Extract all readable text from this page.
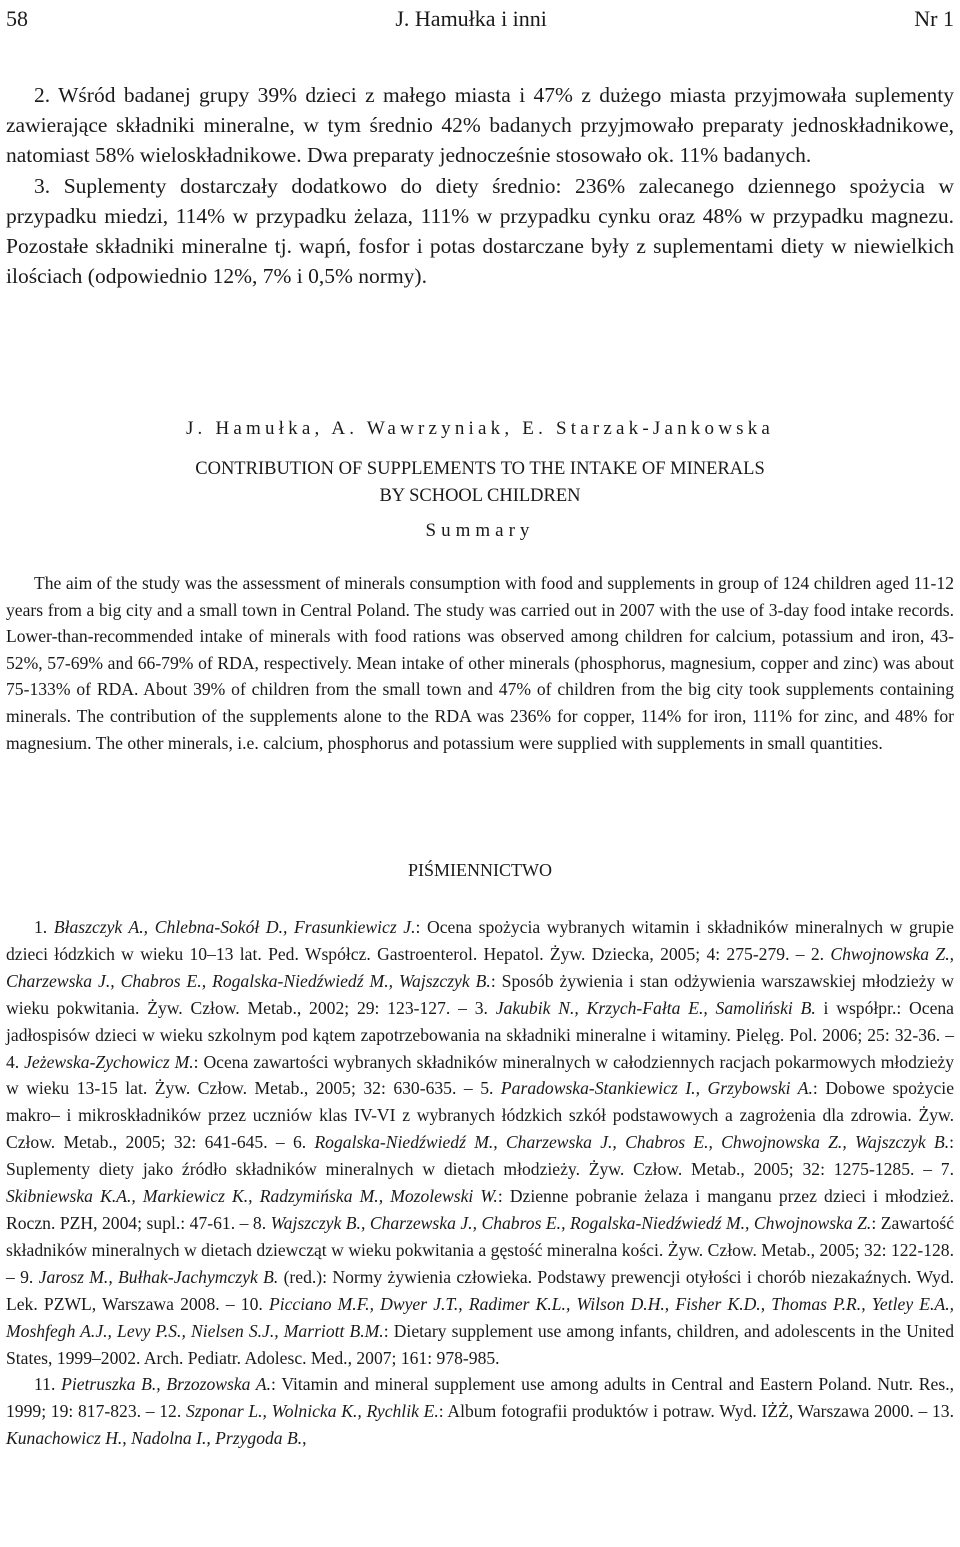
58	J. Hamułka i inni	Nr 1

2. Wśród badanej grupy 39% dzieci z małego miasta i 47% z dużego miasta przyjmowała suplementy zawierające składniki mineralne, w tym średnio 42% badanych przyjmowało preparaty jednoskładnikowe, natomiast 58% wieloskładnikowe. Dwa preparaty jednocześnie stosowało ok. 11% badanych.

3. Suplementy dostarczały dodatkowo do diety średnio: 236% zalecanego dziennego spożycia w przypadku miedzi, 114% w przypadku żelaza, 111% w przypadku cynku oraz 48% w przypadku magnezu. Pozostałe składniki mineralne tj. wapń, fosfor i potas dostarczane były z suplementami diety w niewielkich ilościach (odpowiednio 12%, 7% i 0,5% normy).

J. Hamułka, A. Wawrzyniak, E. Starzak-Jankowska
CONTRIBUTION OF SUPPLEMENTS TO THE INTAKE OF MINERALS
BY SCHOOL CHILDREN
Summary

The aim of the study was the assessment of minerals consumption with food and supplements in group of 124 children aged 11-12 years from a big city and a small town in Central Poland. The study was carried out in 2007 with the use of 3-day food intake records. Lower-than-recommended intake of minerals with food rations was observed among children for calcium, potassium and iron, 43-52%, 57-69% and 66-79% of RDA, respectively. Mean intake of other minerals (phosphorus, magnesium, copper and zinc) was about 75-133% of RDA. About 39% of children from the small town and 47% of children from the big city took supplements containing minerals. The contribution of the supplements alone to the RDA was 236% for copper, 114% for iron, 111% for zinc, and 48% for magnesium. The other minerals, i.e. calcium, phosphorus and potassium were supplied with supplements in small quantities.

PIŚMIENNICTWO

1. Błaszczyk A., Chlebna-Sokół D., Frasunkiewicz J.: Ocena spożycia wybranych witamin i składników mineralnych w grupie dzieci łódzkich w wieku 10–13 lat. Ped. Współcz. Gastroenterol. Hepatol. Żyw. Dziecka, 2005; 4: 275-279. – 2. Chwojnowska Z., Charzewska J., Chabros E., Rogalska-Niedźwiedź M., Wajszczyk B.: Sposób żywienia i stan odżywienia warszawskiej młodzieży w wieku pokwitania. Żyw. Człow. Metab., 2002; 29: 123-127. – 3. Jakubik N., Krzych-Fałta E., Samoliński B. i współpr.: Ocena jadłospisów dzieci w wieku szkolnym pod kątem zapotrzebowania na składniki mineralne i witaminy. Pielęg. Pol. 2006; 25: 32-36. – 4. Jeżewska-Zychowicz M.: Ocena zawartości wybranych składników mineralnych w całodziennych racjach pokarmowych młodzieży w wieku 13-15 lat. Żyw. Człow. Metab., 2005; 32: 630-635. – 5. Paradowska-Stankiewicz I., Grzybowski A.: Dobowe spożycie makro– i mikroskładników przez uczniów klas IV-VI z wybranych łódzkich szkół podstawowych a zagrożenia dla zdrowia. Żyw. Człow. Metab., 2005; 32: 641-645. – 6. Rogalska-Niedźwiedź M., Charzewska J., Chabros E., Chwojnowska Z., Wajszczyk B.: Suplementy diety jako źródło składników mineralnych w dietach młodzieży. Żyw. Człow. Metab., 2005; 32: 1275-1285. – 7. Skibniewska K.A., Markiewicz K., Radzymińska M., Mozolewski W.: Dzienne pobranie żelaza i manganu przez dzieci i młodzież. Roczn. PZH, 2004; supl.: 47-61. – 8. Wajszczyk B., Charzewska J., Chabros E., Rogalska-Niedźwiedź M., Chwojnowska Z.: Zawartość składników mineralnych w dietach dziewcząt w wieku pokwitania a gęstość mineralna kości. Żyw. Człow. Metab., 2005; 32: 122-128. – 9. Jarosz M., Bułhak-Jachymczyk B. (red.): Normy żywienia człowieka. Podstawy prewencji otyłości i chorób niezakaźnych. Wyd. Lek. PZWL, Warszawa 2008. – 10. Picciano M.F., Dwyer J.T., Radimer K.L., Wilson D.H., Fisher K.D., Thomas P.R., Yetley E.A., Moshfegh A.J., Levy P.S., Nielsen S.J., Marriott B.M.: Dietary supplement use among infants, children, and adolescents in the United States, 1999–2002. Arch. Pediatr. Adolesc. Med., 2007; 161: 978-985.

11. Pietruszka B., Brzozowska A.: Vitamin and mineral supplement use among adults in Central and Eastern Poland. Nutr. Res., 1999; 19: 817-823. – 12. Szponar L., Wolnicka K., Rychlik E.: Album fotografii produktów i potraw. Wyd. IŻŻ, Warszawa 2000. – 13. Kunachowicz H., Nadolna I., Przygoda B.,
